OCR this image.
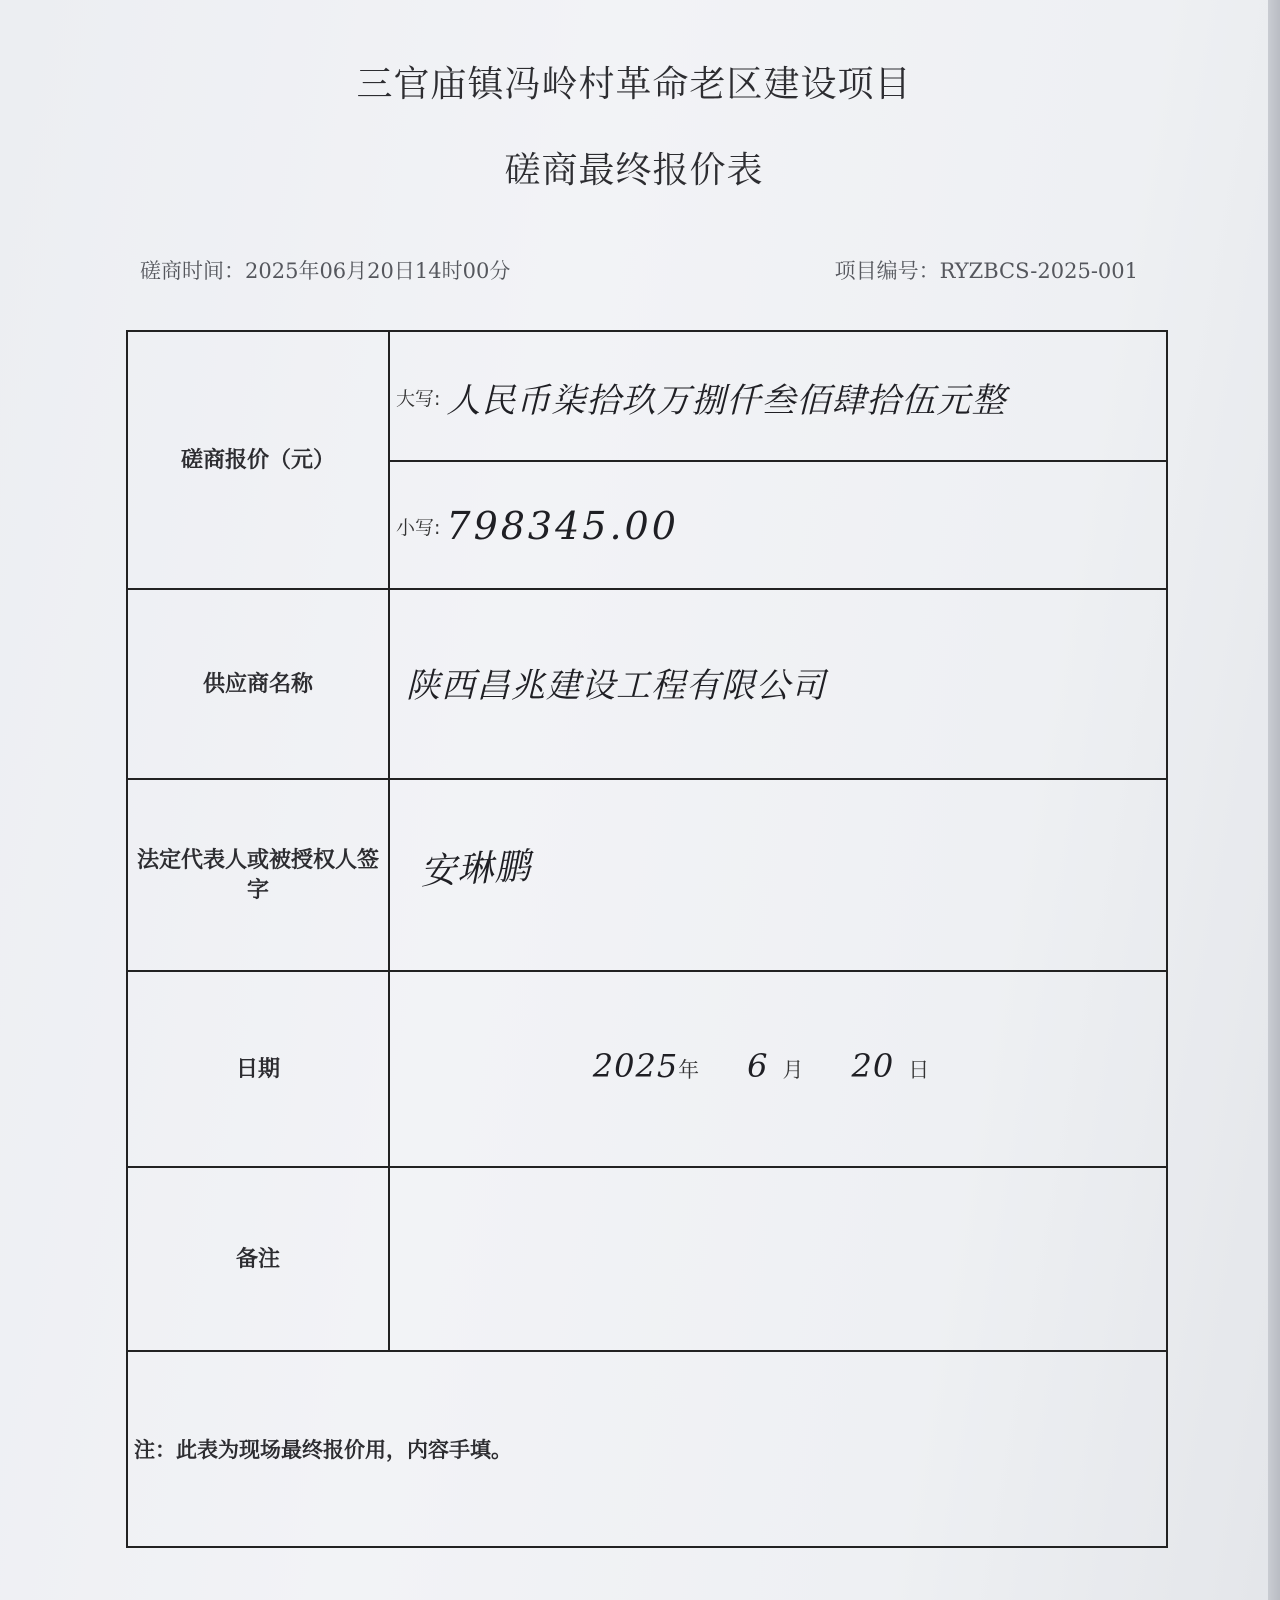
三官庙镇冯岭村革命老区建设项目
磋商最终报价表
磋商时间：2025年06月20日14时00分	项目编号：RYZBCS-2025-001
磋商报价（元）
大写: 人民币柒拾玖万捌仟叁佰肆拾伍元整
小写: 798345.00
供应商名称	陕西昌兆建设工程有限公司
法定代表人或被授权人签字	安琳鹏
日期	2025 年 6 月 20 日
备注
注：此表为现场最终报价用，内容手填。
